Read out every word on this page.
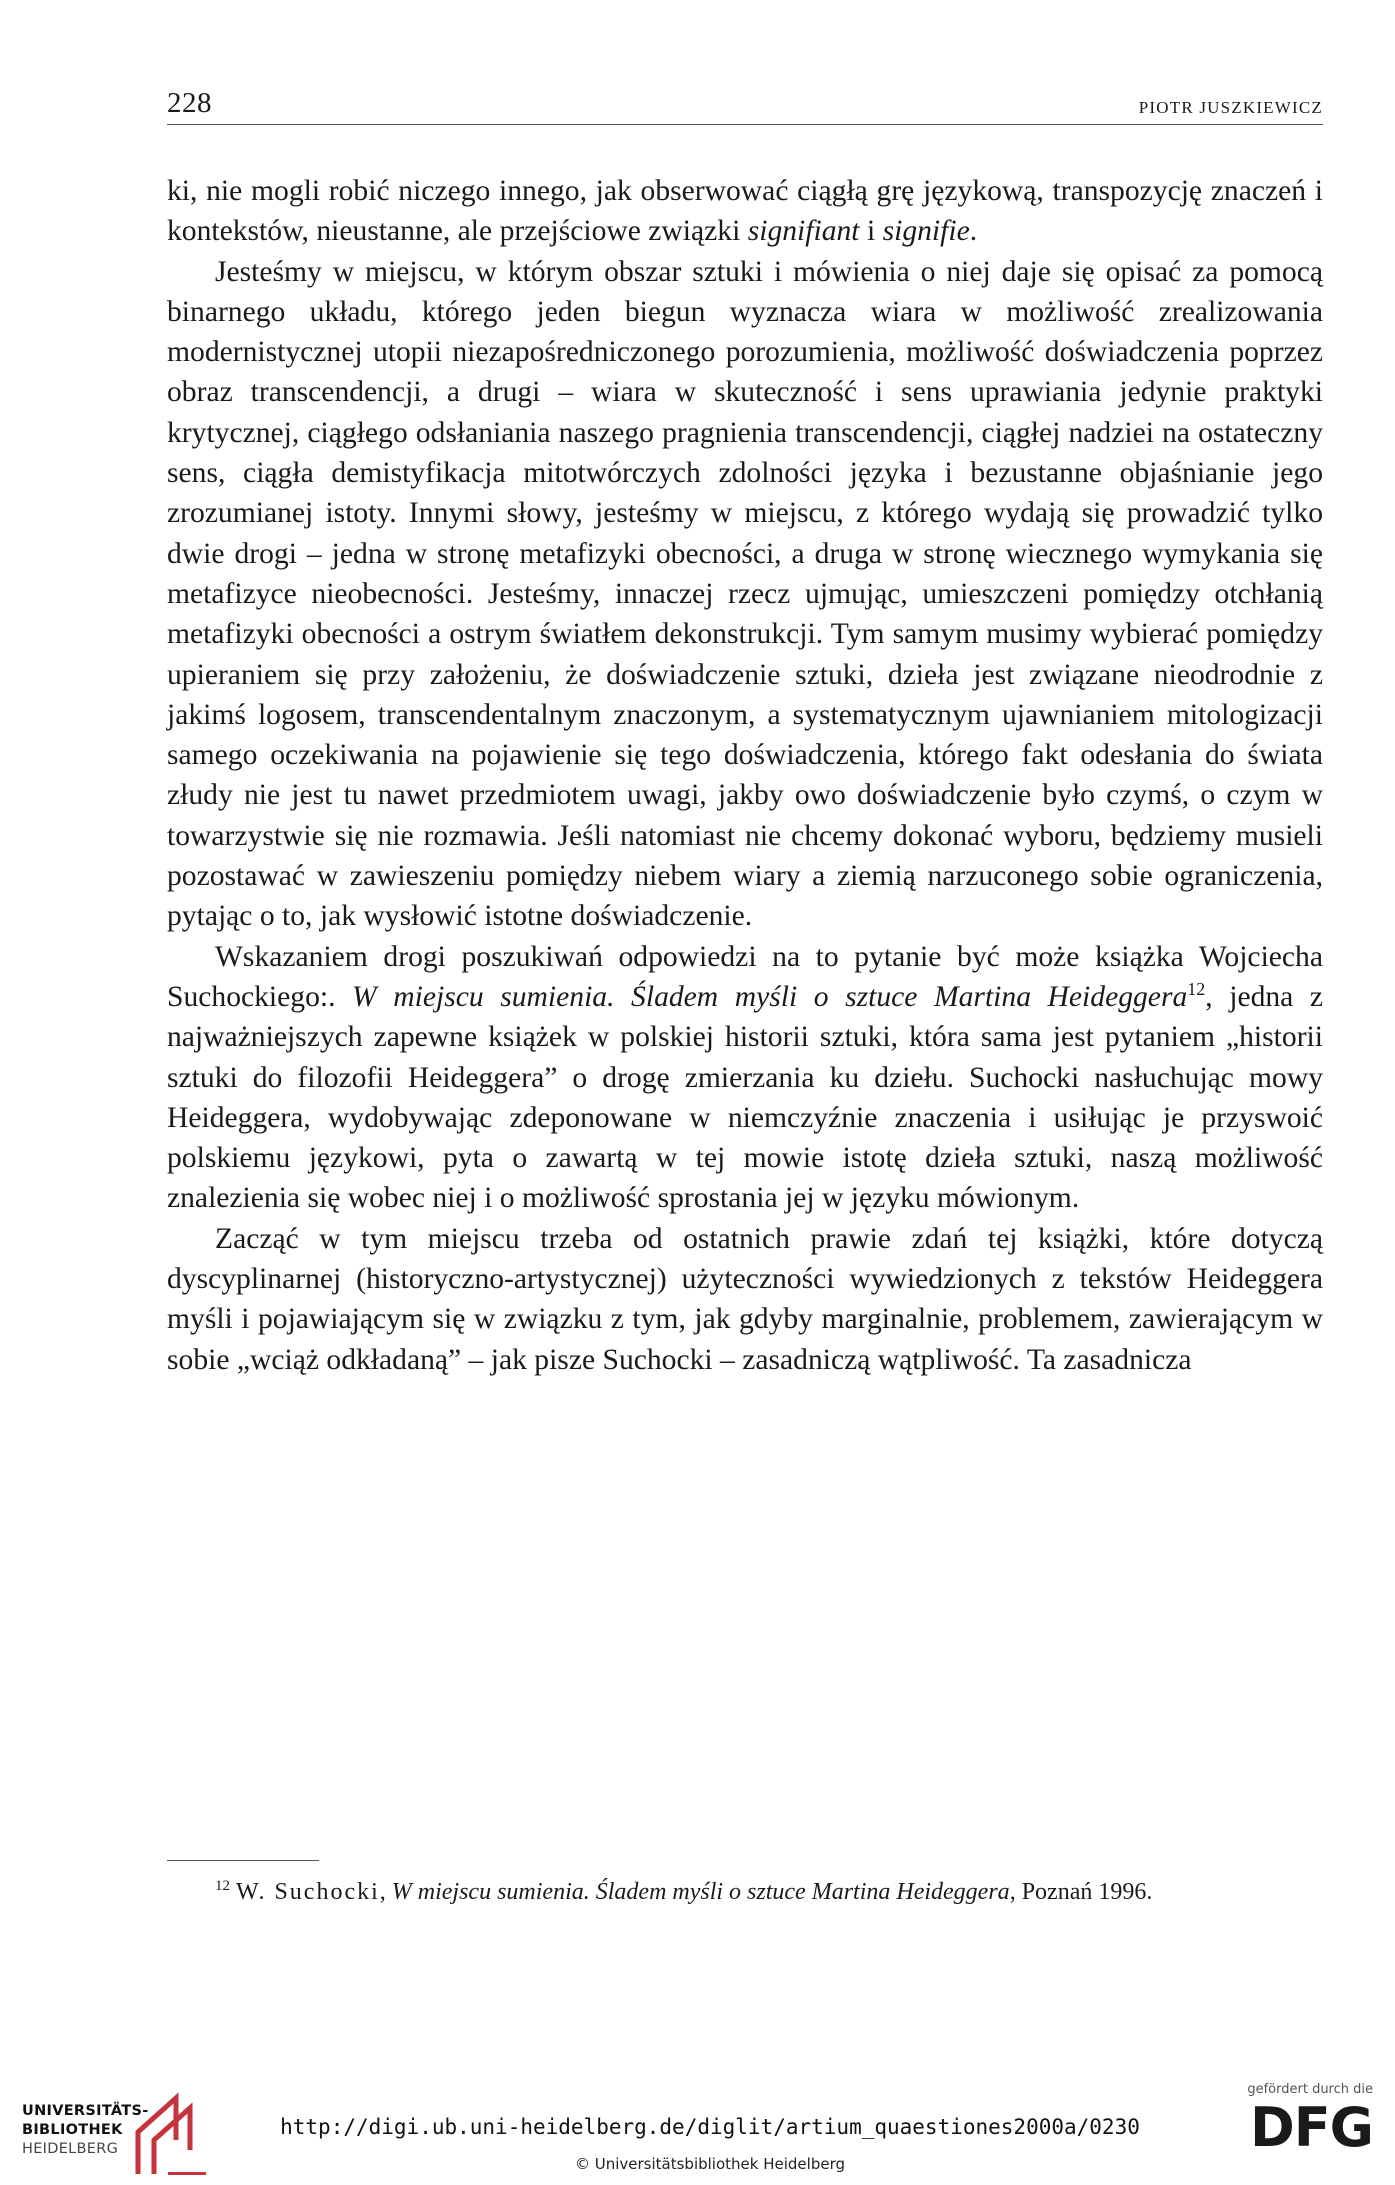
228	PIOTR JUSZKIEWICZ

ki, nie mogli robić niczego innego, jak obserwować ciągłą grę językową, transpozycję znaczeń i kontekstów, nieustanne, ale przejściowe związki signifiant i signifie.

Jesteśmy w miejscu, w którym obszar sztuki i mówienia o niej daje się opisać za pomocą binarnego układu, którego jeden biegun wyznacza wiara w możliwość zrealizowania modernistycznej utopii niezapośredniczonego porozumienia, możliwość doświadczenia poprzez obraz transcendencji, a drugi – wiara w skuteczność i sens uprawiania jedynie praktyki krytycznej, ciągłego odsłaniania naszego pragnienia transcendencji, ciągłej nadziei na ostateczny sens, ciągła demistyfikacja mitotwórczych zdolności języka i bezustanne objaśnianie jego zrozumianej istoty. Innymi słowy, jesteśmy w miejscu, z którego wydają się prowadzić tylko dwie drogi – jedna w stronę metafizyki obecności, a druga w stronę wiecznego wymykania się metafizyce nieobecności. Jesteśmy, innaczej rzecz ujmując, umieszczeni pomiędzy otchłanią metafizyki obecności a ostrym światłem dekonstrukcji. Tym samym musimy wybierać pomiędzy upieraniem się przy założeniu, że doświadczenie sztuki, dzieła jest związane nieodrodnie z jakimś logosem, transcendentalnym znaczonym, a systematycznym ujawnianiem mitologizacji samego oczekiwania na pojawienie się tego doświadczenia, którego fakt odesłania do świata złudy nie jest tu nawet przedmiotem uwagi, jakby owo doświadczenie było czymś, o czym w towarzystwie się nie rozmawia. Jeśli natomiast nie chcemy dokonać wyboru, będziemy musieli pozostawać w zawieszeniu pomiędzy niebem wiary a ziemią narzuconego sobie ograniczenia, pytając o to, jak wysłowić istotne doświadczenie.

Wskazaniem drogi poszukiwań odpowiedzi na to pytanie być może książka Wojciecha Suchockiego:. W miejscu sumienia. Śladem myśli o sztuce Martina Heideggera$^{12}$, jedna z najważniejszych zapewne książek w polskiej historii sztuki, która sama jest pytaniem „historii sztuki do filozofii Heideggera” o drogę zmierzania ku dziełu. Suchocki nasłuchując mowy Heideggera, wydobywając zdeponowane w niemczyźnie znaczenia i usiłując je przyswoić polskiemu językowi, pyta o zawartą w tej mowie istotę dzieła sztuki, naszą możliwość znalezienia się wobec niej i o możliwość sprostania jej w języku mówionym.

Zacząć w tym miejscu trzeba od ostatnich prawie zdań tej książki, które dotyczą dyscyplinarnej (historyczno-artystycznej) użyteczności wywiedzionych z tekstów Heideggera myśli i pojawiającym się w związku z tym, jak gdyby marginalnie, problemem, zawierającym w sobie „wciąż odkładaną” – jak pisze Suchocki – zasadniczą wątpliwość. Ta zasadnicza

$^{12}$ W. Suchocki, W miejscu sumienia. Śladem myśli o sztuce Martina Heideggera, Poznań 1996.

UNIVERSITÄTS-
BIBLIOTHEK
HEIDELBERG
http://digi.ub.uni-heidelberg.de/diglit/artium_quaestiones2000a/0230
© Universitätsbibliothek Heidelberg
gefördert durch die
DFG
